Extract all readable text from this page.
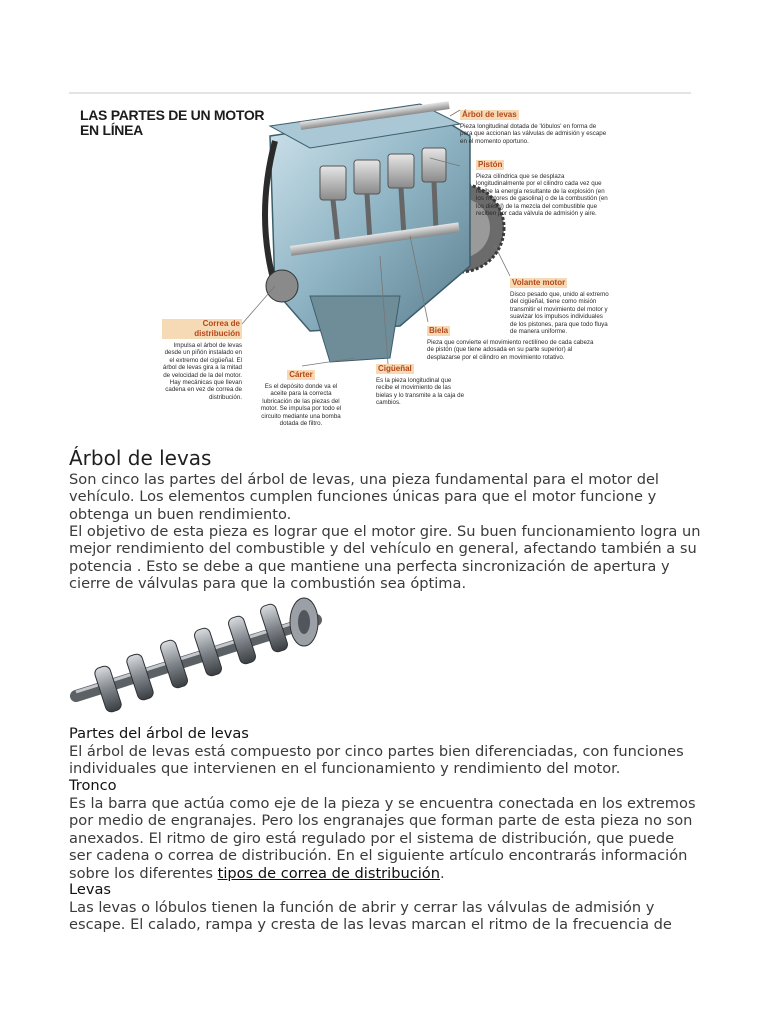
LAS PARTES DE UN MOTOR
EN LÍNEA
Árbol de levas
Pieza longitudinal dotada de 'lóbulos' en forma de pera que accionan las válvulas de admisión y escape en el momento oportuno.
Pistón
Pieza cilíndrica que se desplaza longitudinalmente por el cilindro cada vez que recibe la energía resultante de la explosión (en los motores de gasolina) o de la combustión (en los diésel) de la mezcla del combustible que reciben por cada válvula de admisión y aire.
Volante motor
Disco pesado que, unido al extremo del cigüeñal, tiene como misión transmitir el movimiento del motor y suavizar los impulsos individuales de los pistones, para que todo fluya de manera uniforme.
Biela
Pieza que convierte el movimiento rectilíneo de cada cabeza de pistón (que tiene adosada en su parte superior) al desplazarse por el cilindro en movimiento rotativo.
Correa de distribución
Impulsa el árbol de levas desde un piñón instalado en el extremo del cigüeñal. El árbol de levas gira a la mitad de velocidad de la del motor. Hay mecánicas que llevan cadena en vez de correa de distribución.
Cárter
Es el depósito donde va el aceite para la correcta lubricación de las piezas del motor. Se impulsa por todo el circuito mediante una bomba dotada de filtro.
Cigüeñal
Es la pieza longitudinal que recibe el movimiento de las bielas y lo transmite a la caja de cambios.
Árbol de levas
Son cinco las partes del árbol de levas, una pieza fundamental para el motor del vehículo. Los elementos cumplen funciones únicas para que el motor funcione y obtenga un buen rendimiento.
El objetivo de esta pieza es lograr que el motor gire. Su buen funcionamiento logra un mejor rendimiento del combustible y del vehículo en general, afectando también a su potencia . Esto se debe a que mantiene una perfecta sincronización de apertura y cierre de válvulas para que la combustión sea óptima.
Partes del árbol de levas
El árbol de levas está compuesto por cinco partes bien diferenciadas, con funciones individuales que intervienen en el funcionamiento y rendimiento del motor.
Tronco
Es la barra que actúa como eje de la pieza y se encuentra conectada en los extremos por medio de engranajes. Pero los engranajes que forman parte de esta pieza no son anexados. El ritmo de giro está regulado por el sistema de distribución, que puede ser cadena o correa de distribución. En el siguiente artículo encontrarás información sobre los diferentes tipos de correa de distribución.
Levas
Las levas o lóbulos tienen la función de abrir y cerrar las válvulas de admisión y escape. El calado, rampa y cresta de las levas marcan el ritmo de la frecuencia de
